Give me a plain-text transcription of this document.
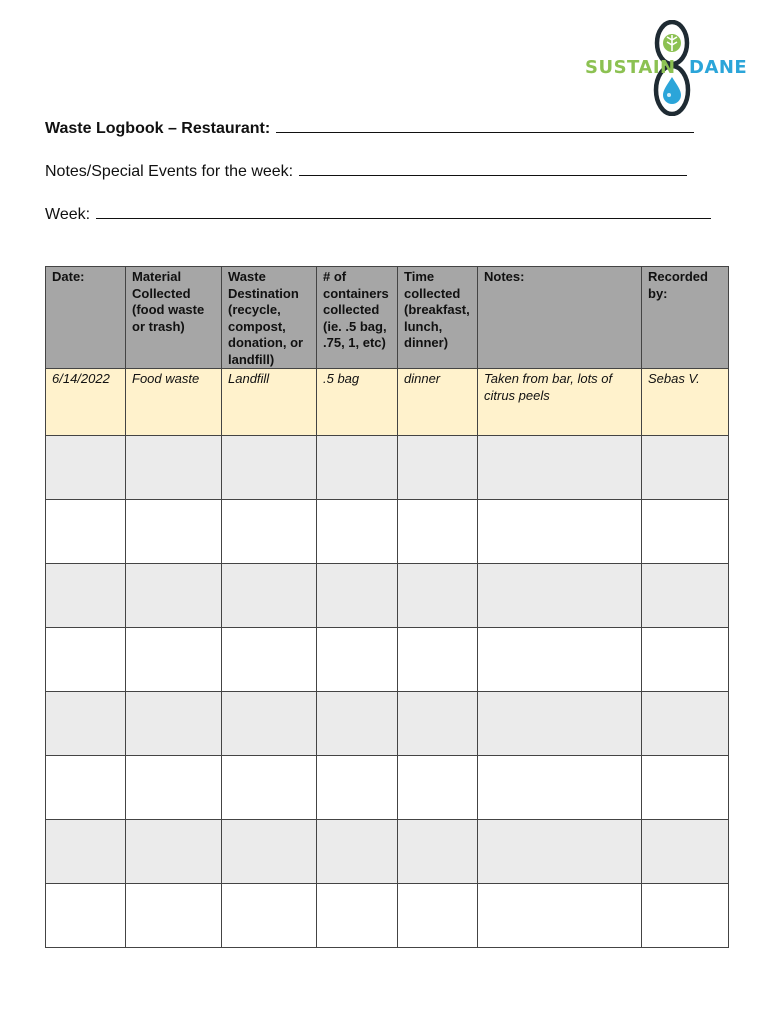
SUSTAIN DANE
Waste Logbook – Restaurant:
Notes/Special Events for the week:
Week:
Date:	Material Collected (food waste or trash)	Waste Destination (recycle, compost, donation, or landfill)	# of containers collected (ie. .5 bag, .75, 1, etc)	Time collected (breakfast, lunch, dinner)	Notes:	Recorded by:
6/14/2022	Food waste	Landfill	.5 bag	dinner	Taken from bar, lots of citrus peels	Sebas V.
